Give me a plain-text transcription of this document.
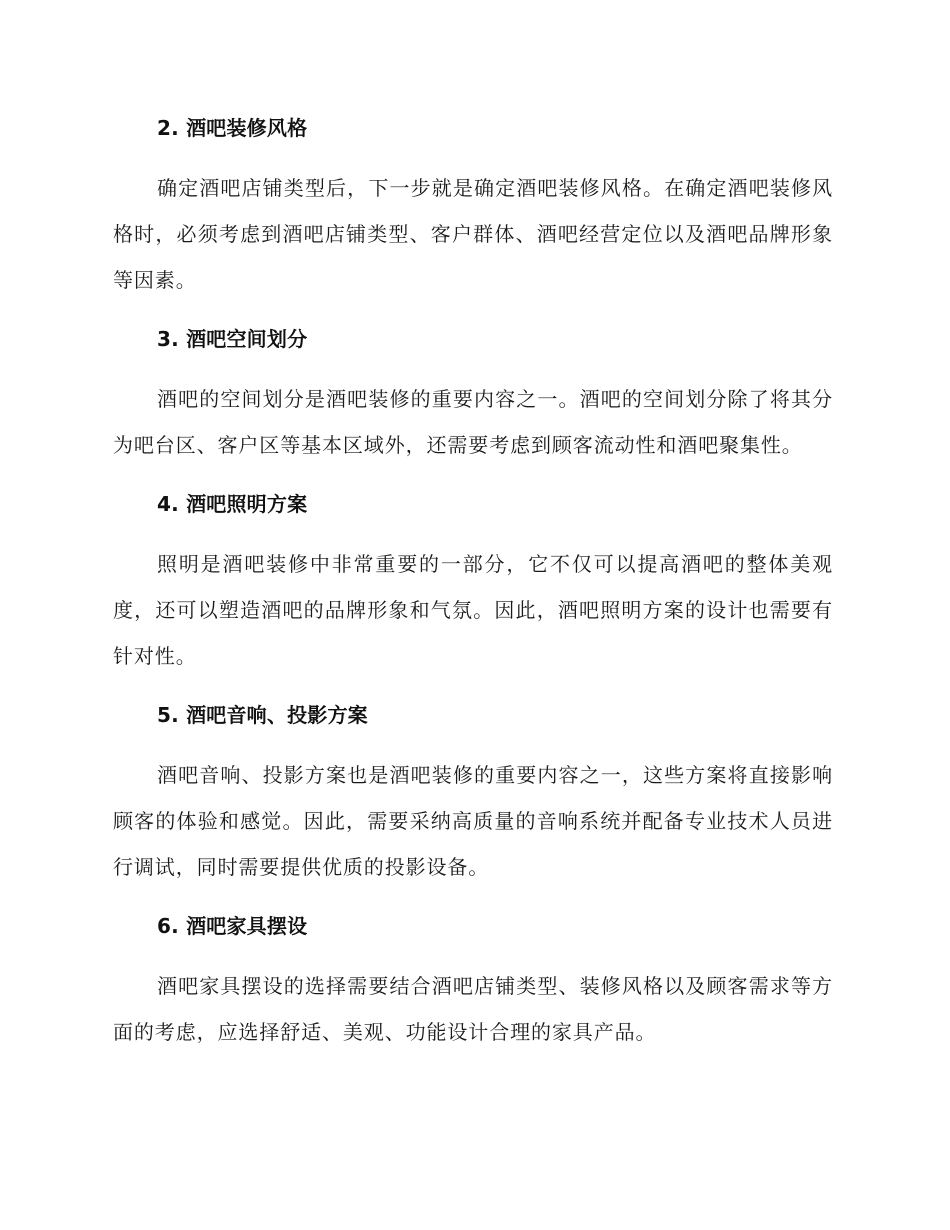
2. 酒吧装修风格

确定酒吧店铺类型后，下一步就是确定酒吧装修风格。在确定酒吧装修风格时，必须考虑到酒吧店铺类型、客户群体、酒吧经营定位以及酒吧品牌形象等因素。

3. 酒吧空间划分

酒吧的空间划分是酒吧装修的重要内容之一。酒吧的空间划分除了将其分为吧台区、客户区等基本区域外，还需要考虑到顾客流动性和酒吧聚集性。

4. 酒吧照明方案

照明是酒吧装修中非常重要的一部分，它不仅可以提高酒吧的整体美观度，还可以塑造酒吧的品牌形象和气氛。因此，酒吧照明方案的设计也需要有针对性。

5. 酒吧音响、投影方案

酒吧音响、投影方案也是酒吧装修的重要内容之一，这些方案将直接影响顾客的体验和感觉。因此，需要采纳高质量的音响系统并配备专业技术人员进行调试，同时需要提供优质的投影设备。

6. 酒吧家具摆设

酒吧家具摆设的选择需要结合酒吧店铺类型、装修风格以及顾客需求等方面的考虑，应选择舒适、美观、功能设计合理的家具产品。
